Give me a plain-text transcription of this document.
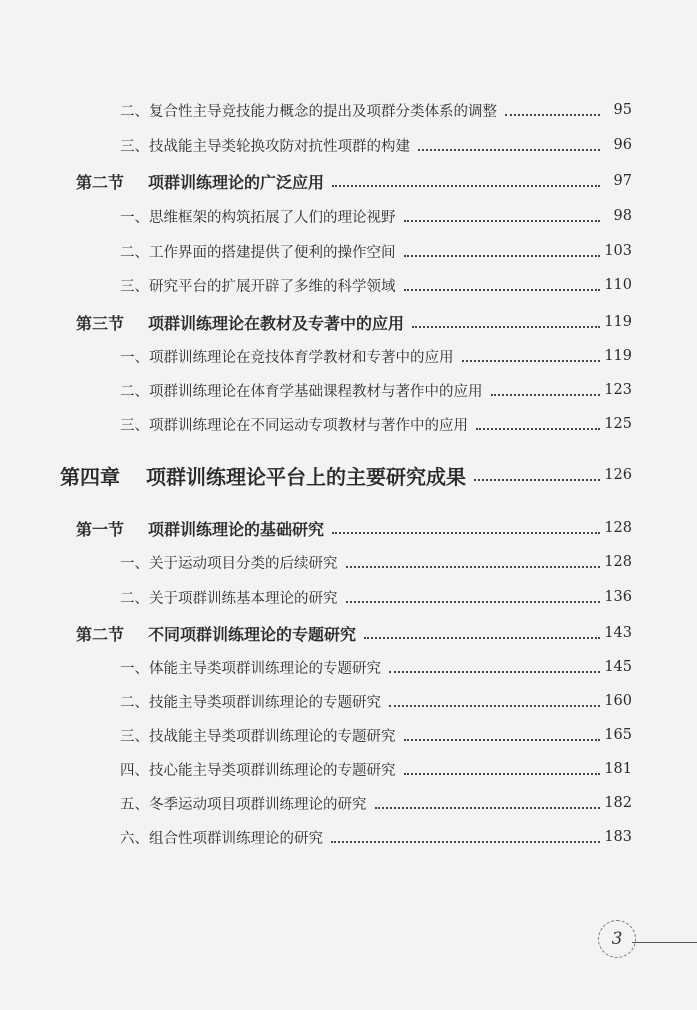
二、复合性主导竞技能力概念的提出及项群分类体系的调整	95
三、技战能主导类轮换攻防对抗性项群的构建	96
第二节 项群训练理论的广泛应用	97
一、思维框架的构筑拓展了人们的理论视野	98
二、工作界面的搭建提供了便利的操作空间	103
三、研究平台的扩展开辟了多维的科学领域	110
第三节 项群训练理论在教材及专著中的应用	119
一、项群训练理论在竞技体育学教材和专著中的应用	119
二、项群训练理论在体育学基础课程教材与著作中的应用	123
三、项群训练理论在不同运动专项教材与著作中的应用	125
第四章 项群训练理论平台上的主要研究成果	126
第一节 项群训练理论的基础研究	128
一、关于运动项目分类的后续研究	128
二、关于项群训练基本理论的研究	136
第二节 不同项群训练理论的专题研究	143
一、体能主导类项群训练理论的专题研究	145
二、技能主导类项群训练理论的专题研究	160
三、技战能主导类项群训练理论的专题研究	165
四、技心能主导类项群训练理论的专题研究	181
五、冬季运动项目项群训练理论的研究	182
六、组合性项群训练理论的研究	183
3
